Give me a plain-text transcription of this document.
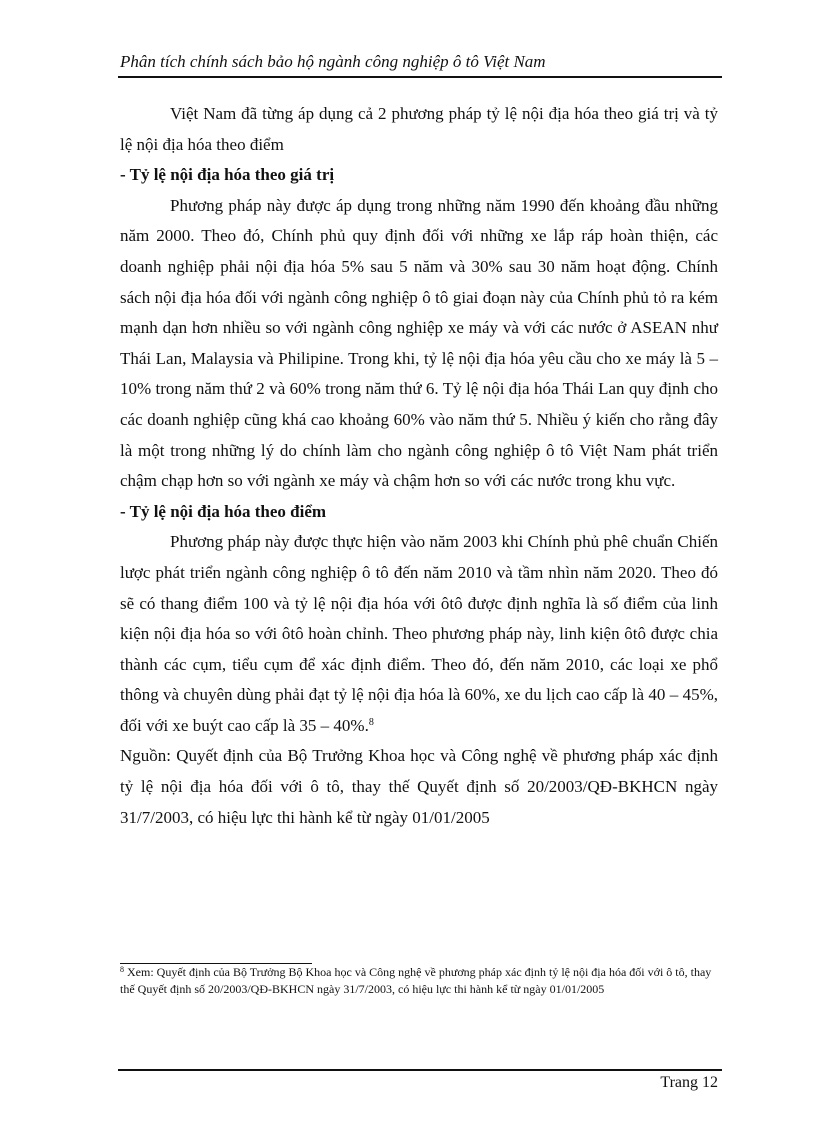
Phân tích chính sách bảo hộ ngành công nghiệp ô tô Việt Nam

Việt Nam đã từng áp dụng cả 2 phương pháp tỷ lệ nội địa hóa theo giá trị và tỷ lệ nội địa hóa theo điểm

- Tỷ lệ nội địa hóa theo giá trị

Phương pháp này được áp dụng trong những năm 1990 đến khoảng đầu những năm 2000. Theo đó, Chính phủ quy định đối với những xe lắp ráp hoàn thiện, các doanh nghiệp phải nội địa hóa 5% sau 5 năm và 30% sau 30 năm hoạt động. Chính sách nội địa hóa đối với ngành công nghiệp ô tô giai đoạn này của Chính phủ tỏ ra kém mạnh dạn hơn nhiều so với ngành công nghiệp xe máy và với các nước ở ASEAN như Thái Lan, Malaysia và Philipine. Trong khi, tỷ lệ nội địa hóa yêu cầu cho xe máy là 5 – 10% trong năm thứ 2 và 60% trong năm thứ 6. Tỷ lệ nội địa hóa Thái Lan quy định cho các doanh nghiệp cũng khá cao khoảng 60% vào năm thứ 5. Nhiều ý kiến cho rằng đây là một trong những lý do chính làm cho ngành công nghiệp ô tô Việt Nam phát triển chậm chạp hơn so với ngành xe máy và chậm hơn so với các nước trong khu vực.

- Tỷ lệ nội địa hóa theo điểm

Phương pháp này được thực hiện vào năm 2003 khi Chính phủ phê chuẩn Chiến lược phát triển ngành công nghiệp ô tô đến năm 2010 và tầm nhìn năm 2020. Theo đó sẽ có thang điểm 100 và tỷ lệ nội địa hóa với ôtô được định nghĩa là số điểm của linh kiện nội địa hóa so với ôtô hoàn chỉnh. Theo phương pháp này, linh kiện ôtô được chia thành các cụm, tiểu cụm để xác định điểm. Theo đó, đến năm 2010, các loại xe phổ thông và chuyên dùng phải đạt tỷ lệ nội địa hóa là 60%, xe du lịch cao cấp là 40 – 45%, đối với xe buýt cao cấp là 35 – 40%.$^8$

Nguồn: Quyết định của Bộ Trưởng Khoa học và Công nghệ về phương pháp xác định tỷ lệ nội địa hóa đối với ô tô, thay thế Quyết định số 20/2003/QĐ-BKHCN ngày 31/7/2003, có hiệu lực thi hành kể từ ngày 01/01/2005

$^8$ Xem: Quyết định của Bộ Trưởng Bộ Khoa học và Công nghệ về phương pháp xác định tỷ lệ nội địa hóa đối với ô tô, thay thế Quyết định số 20/2003/QĐ-BKHCN ngày 31/7/2003, có hiệu lực thi hành kể từ ngày 01/01/2005
Trang 12
